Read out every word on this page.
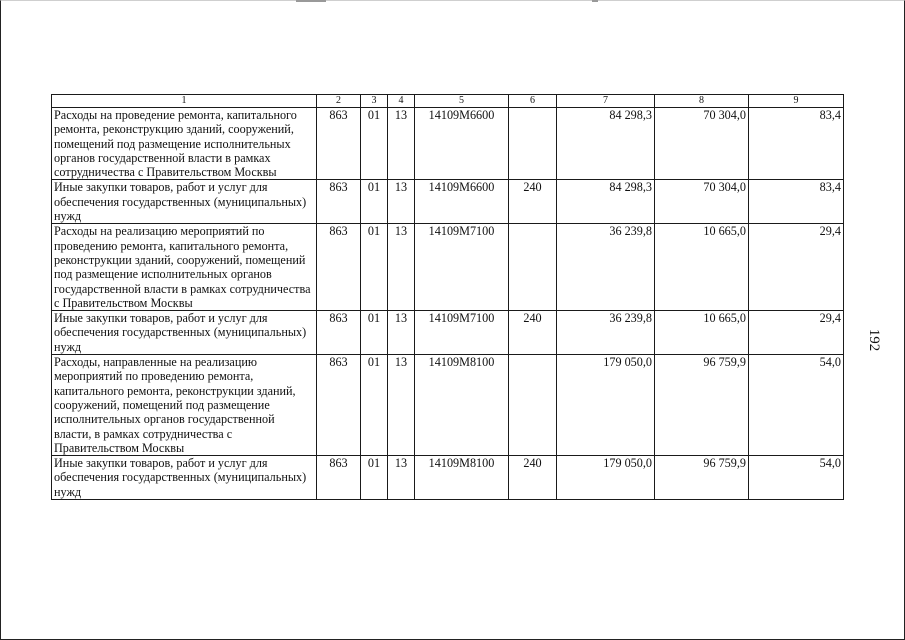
192
1	2	3	4	5	6	7	8	9
Расходы на проведение ремонта, капитального ремонта, реконструкцию зданий, сооружений, помещений под размещение исполнительных органов государственной власти в рамках сотрудничества с Правительством Москвы	863	01	13	14109М6600		84 298,3	70 304,0	83,4
Иные закупки товаров, работ и услуг для обеспечения государственных (муниципальных) нужд	863	01	13	14109М6600	240	84 298,3	70 304,0	83,4
Расходы на реализацию мероприятий по проведению ремонта, капитального ремонта, реконструкции зданий, сооружений, помещений под размещение исполнительных органов государственной власти в рамках сотрудничества с Правительством Москвы	863	01	13	14109М7100		36 239,8	10 665,0	29,4
Иные закупки товаров, работ и услуг для обеспечения государственных (муниципальных) нужд	863	01	13	14109М7100	240	36 239,8	10 665,0	29,4
Расходы, направленные на реализацию мероприятий по проведению ремонта, капитального ремонта, реконструкции зданий, сооружений, помещений под размещение исполнительных органов государственной власти, в рамках сотрудничества с Правительством Москвы	863	01	13	14109М8100		179 050,0	96 759,9	54,0
Иные закупки товаров, работ и услуг для обеспечения государственных (муниципальных) нужд	863	01	13	14109М8100	240	179 050,0	96 759,9	54,0
